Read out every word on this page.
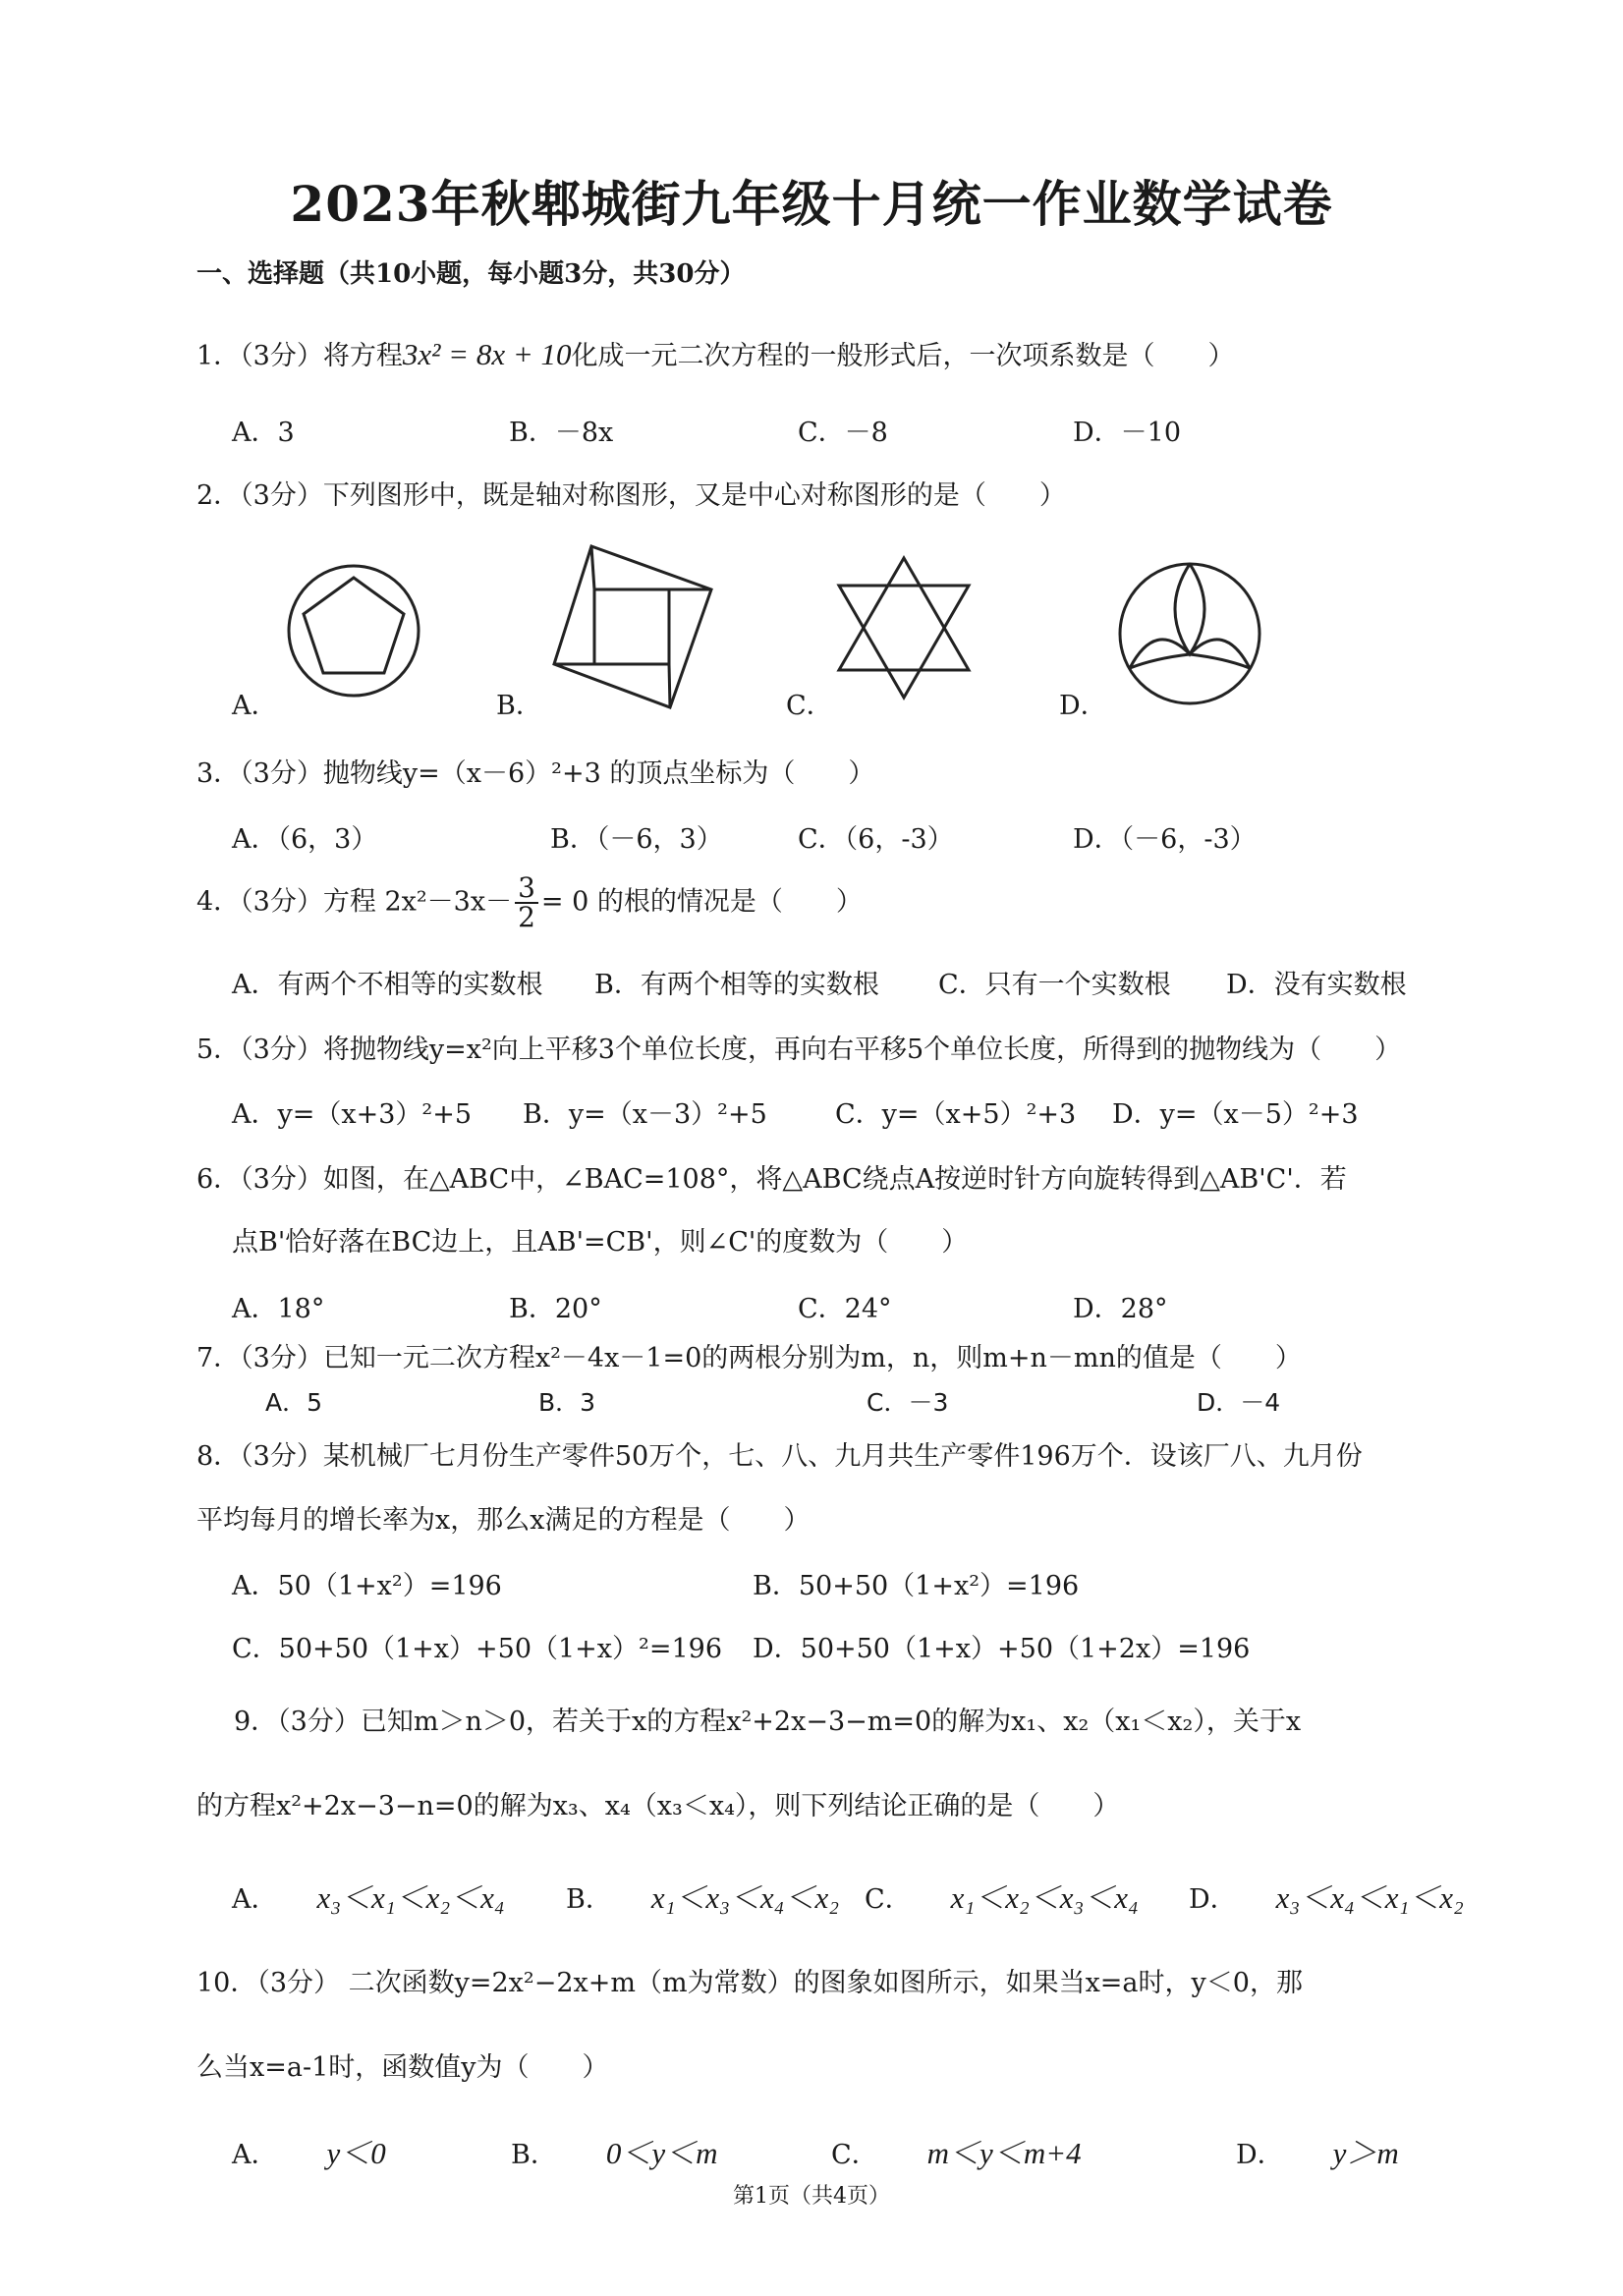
2023年秋郫城街九年级十月统一作业数学试卷
一、选择题（共10小题，每小题3分，共30分）
1．（3分）将方程3x² = 8x + 10化成一元二次方程的一般形式后，一次项系数是（　　）
A．3	B．－8x	C．－8	D．－10
2．（3分）下列图形中，既是轴对称图形，又是中心对称图形的是（　　）
A．	B．	C．	D．
3．（3分）抛物线y=（x－6）²+3 的顶点坐标为（　　）
A．（6，3）	B．（－6，3）	C．（6，-3）	D．（－6，-3）
4．（3分）方程 $2x^2-3x- \frac{3}{2} = 0$ 的根的情况是（　　）
A．有两个不相等的实数根 B．有两个相等的实数根 C．只有一个实数根 D．没有实数根
5．（3分）将抛物线y=x²向上平移3个单位长度，再向右平移5个单位长度，所得到的抛物线为（　　）
A．y=（x+3）²+5 B．y=（x－3）²+5	C．y=（x+5）²+3 D．y=（x－5）²+3
6．（3分）如图，在△ABC中，∠BAC=108°，将△ABC绕点A按逆时针方向旋转得到△AB'C'．若
点B'恰好落在BC边上，且AB'=CB'，则∠C'的度数为（　　）
A．18°	B．20°	C．24°	D．28°
7．（3分）已知一元二次方程x²－4x－1=0的两根分别为m，n，则m+n－mn的值是（　　）
A．5	B．3	C．－3	D．－4
8．（3分）某机械厂七月份生产零件50万个，七、八、九月共生产零件196万个．设该厂八、九月份
平均每月的增长率为x，那么x满足的方程是（　　）
A．50（1+x²）=196	B．50+50（1+x²）=196
C．50+50（1+x）+50（1+x）²=196 D．50+50（1+x）+50（1+2x）=196
9．（3分）已知m＞n＞0，若关于x的方程x²+2x−3−m=0的解为x₁、x₂（x₁＜x₂），关于x
的方程x²+2x−3−n=0的解为x₃、x₄（x₃＜x₄），则下列结论正确的是（　　）
A． x₃＜x₁＜x₂＜x₄ B． x₁＜x₃＜x₄＜x₂ C． x₁＜x₂＜x₃＜x₄ D． x₃＜x₄＜x₁＜x₂
10．（3分） 二次函数y=2x²−2x+m（m为常数）的图象如图所示，如果当x=a时，y＜0，那
么当x=a-1时，函数值y为（　　）
A． y＜0	B． 0＜y＜m	C． m＜y＜m+4	D． y＞m
第1页（共4页）
